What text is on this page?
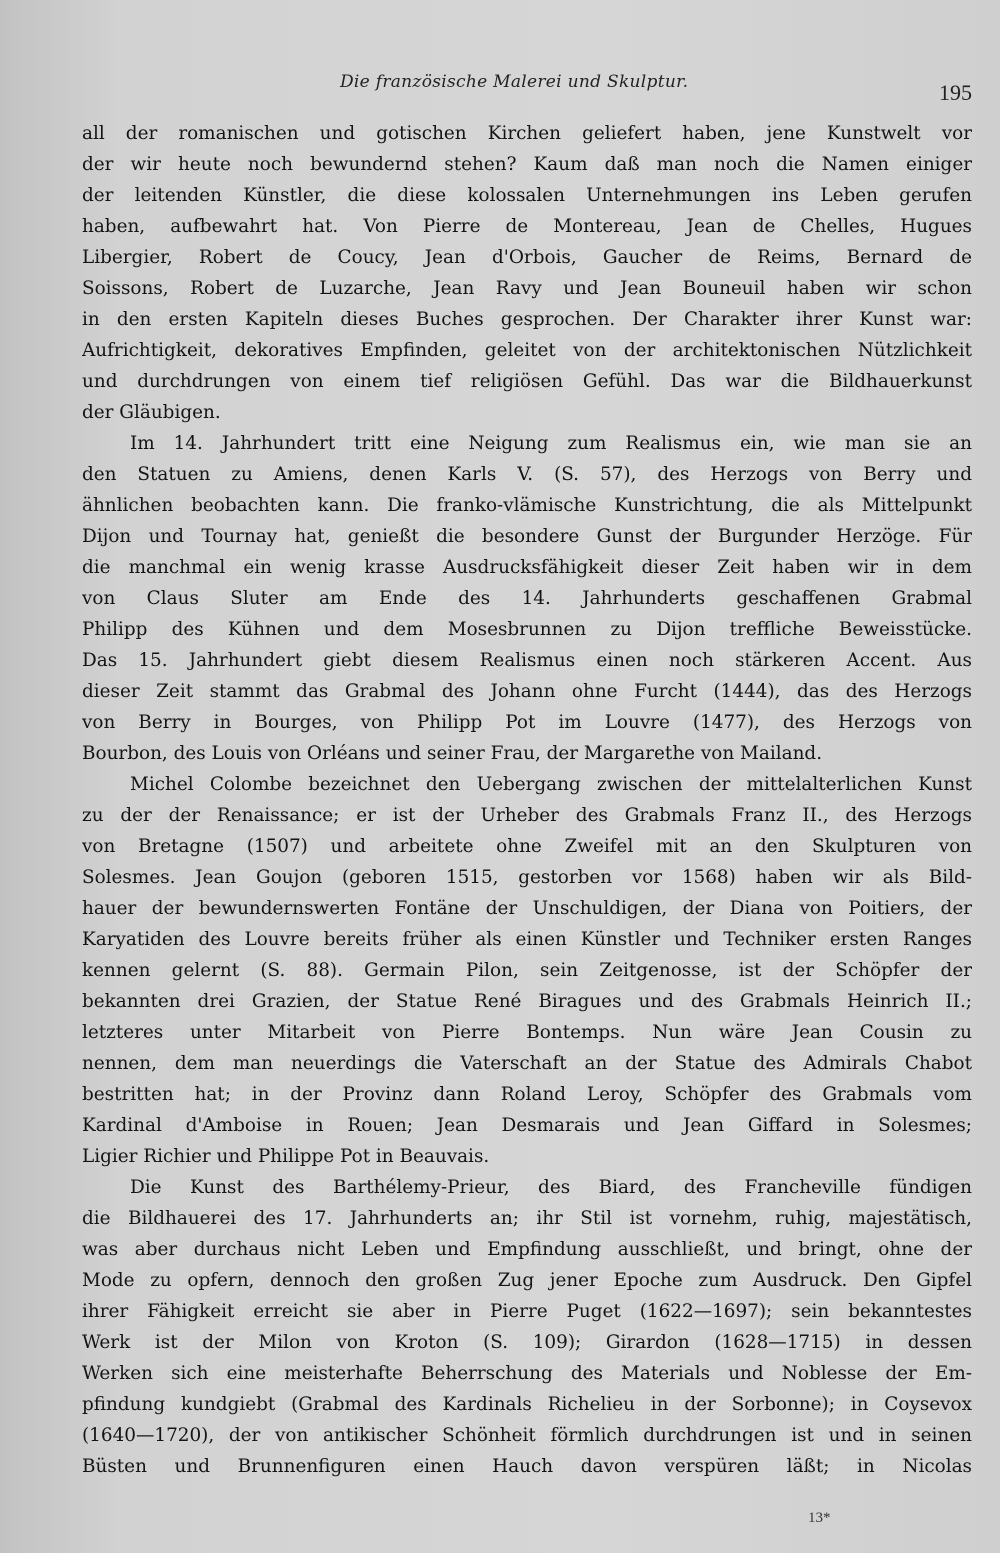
Die französische Malerei und Skulptur.	195
all der romanischen und gotischen Kirchen geliefert haben, jene Kunstwelt vor
der wir heute noch bewundernd stehen? Kaum daß man noch die Namen einiger
der leitenden Künstler, die diese kolossalen Unternehmungen ins Leben gerufen
haben, aufbewahrt hat. Von Pierre de Montereau, Jean de Chelles, Hugues
Libergier, Robert de Coucy, Jean d'Orbois, Gaucher de Reims, Bernard de
Soissons, Robert de Luzarche, Jean Ravy und Jean Bouneuil haben wir schon
in den ersten Kapiteln dieses Buches gesprochen. Der Charakter ihrer Kunst war:
Aufrichtigkeit, dekoratives Empfinden, geleitet von der architektonischen Nützlichkeit
und durchdrungen von einem tief religiösen Gefühl. Das war die Bildhauerkunst
der Gläubigen.
Im 14. Jahrhundert tritt eine Neigung zum Realismus ein, wie man sie an
den Statuen zu Amiens, denen Karls V. (S. 57), des Herzogs von Berry und
ähnlichen beobachten kann. Die franko-vlämische Kunstrichtung, die als Mittelpunkt
Dijon und Tournay hat, genießt die besondere Gunst der Burgunder Herzöge. Für
die manchmal ein wenig krasse Ausdrucksfähigkeit dieser Zeit haben wir in dem
von Claus Sluter am Ende des 14. Jahrhunderts geschaffenen Grabmal
Philipp des Kühnen und dem Mosesbrunnen zu Dijon treffliche Beweisstücke.
Das 15. Jahrhundert giebt diesem Realismus einen noch stärkeren Accent. Aus
dieser Zeit stammt das Grabmal des Johann ohne Furcht (1444), das des Herzogs
von Berry in Bourges, von Philipp Pot im Louvre (1477), des Herzogs von
Bourbon, des Louis von Orléans und seiner Frau, der Margarethe von Mailand.
Michel Colombe bezeichnet den Uebergang zwischen der mittelalterlichen Kunst
zu der der Renaissance; er ist der Urheber des Grabmals Franz II., des Herzogs
von Bretagne (1507) und arbeitete ohne Zweifel mit an den Skulpturen von
Solesmes. Jean Goujon (geboren 1515, gestorben vor 1568) haben wir als Bild-
hauer der bewundernswerten Fontäne der Unschuldigen, der Diana von Poitiers, der
Karyatiden des Louvre bereits früher als einen Künstler und Techniker ersten Ranges
kennen gelernt (S. 88). Germain Pilon, sein Zeitgenosse, ist der Schöpfer der
bekannten drei Grazien, der Statue René Biragues und des Grabmals Heinrich II.;
letzteres unter Mitarbeit von Pierre Bontemps. Nun wäre Jean Cousin zu
nennen, dem man neuerdings die Vaterschaft an der Statue des Admirals Chabot
bestritten hat; in der Provinz dann Roland Leroy, Schöpfer des Grabmals vom
Kardinal d'Amboise in Rouen; Jean Desmarais und Jean Giffard in Solesmes;
Ligier Richier und Philippe Pot in Beauvais.
Die Kunst des Barthélemy-Prieur, des Biard, des Francheville fündigen
die Bildhauerei des 17. Jahrhunderts an; ihr Stil ist vornehm, ruhig, majestätisch,
was aber durchaus nicht Leben und Empfindung ausschließt, und bringt, ohne der
Mode zu opfern, dennoch den großen Zug jener Epoche zum Ausdruck. Den Gipfel
ihrer Fähigkeit erreicht sie aber in Pierre Puget (1622—1697); sein bekanntestes
Werk ist der Milon von Kroton (S. 109); Girardon (1628—1715) in dessen
Werken sich eine meisterhafte Beherrschung des Materials und Noblesse der Em-
pfindung kundgiebt (Grabmal des Kardinals Richelieu in der Sorbonne); in Coysevox
(1640—1720), der von antikischer Schönheit förmlich durchdrungen ist und in seinen
Büsten und Brunnenfiguren einen Hauch davon verspüren läßt; in Nicolas
13*
